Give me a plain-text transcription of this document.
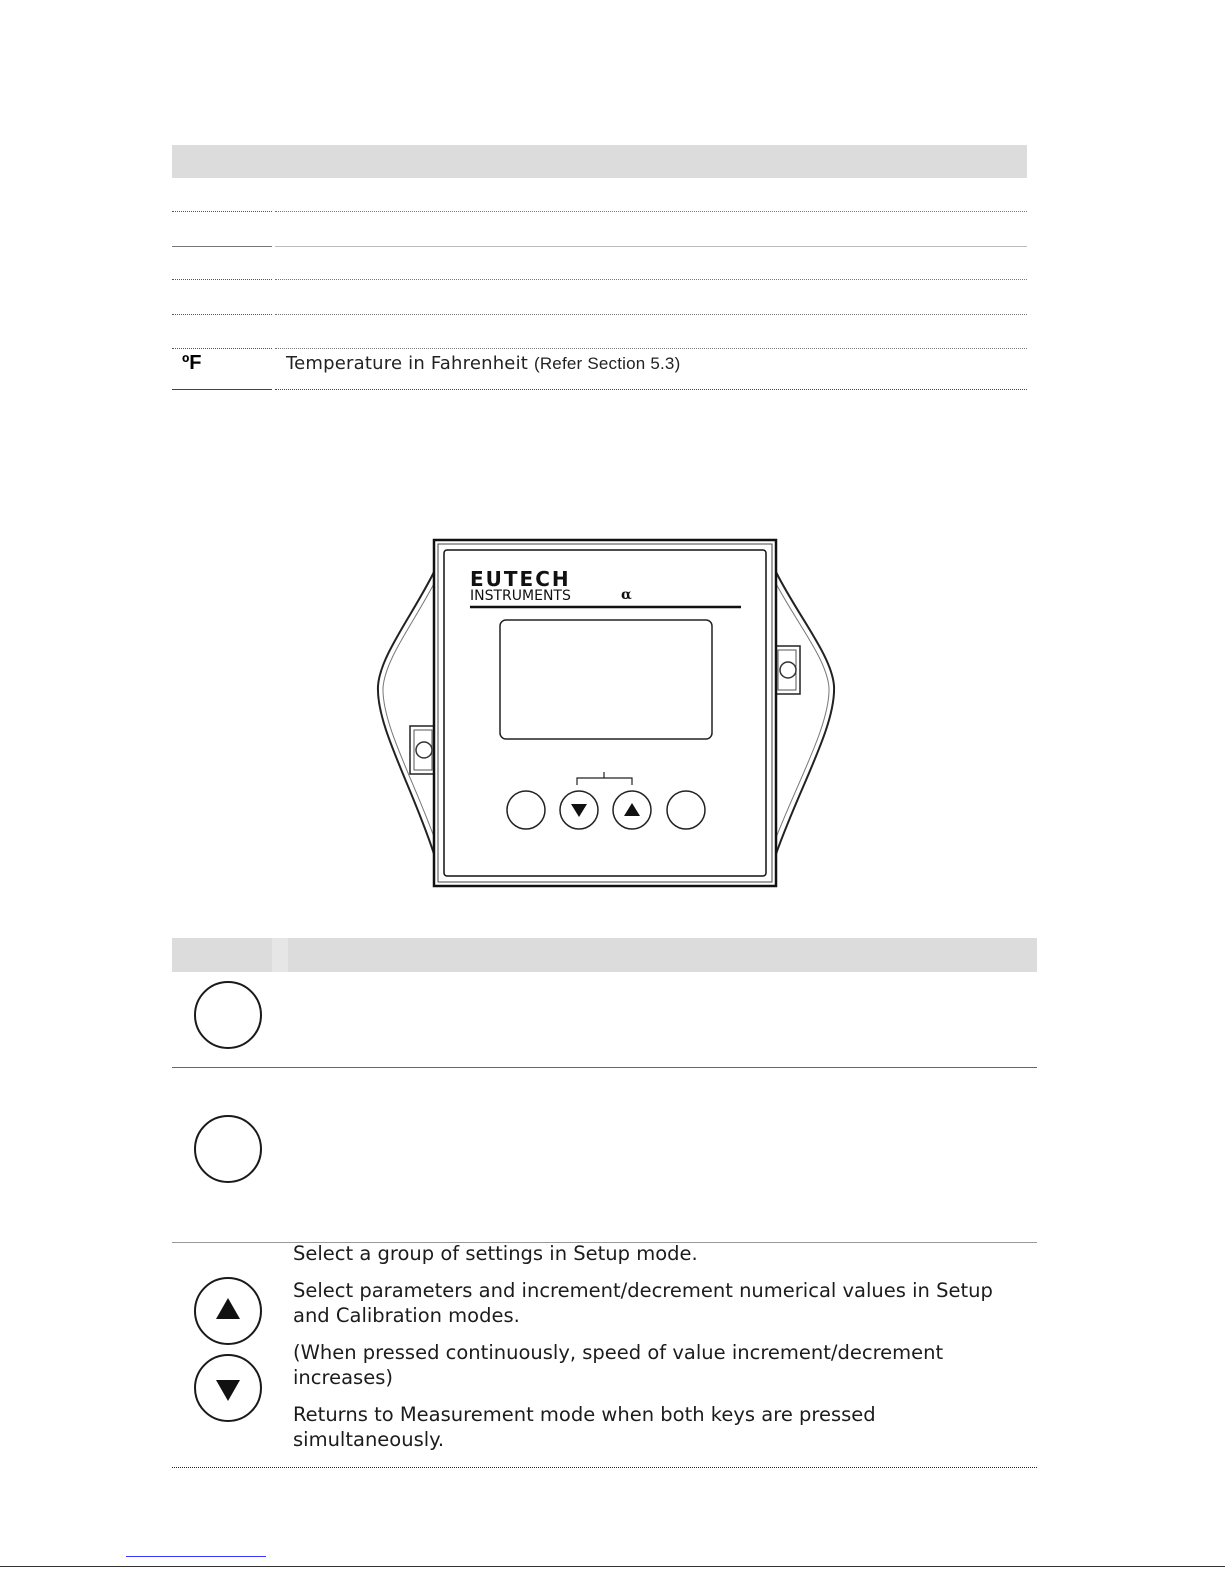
ºF	Temperature in Fahrenheit (Refer Section 5.3)
EUTECH
INSTRUMENTS	α

Select a group of settings in Setup mode.

Select parameters and increment/decrement numerical values in Setup and Calibration modes.

(When pressed continuously, speed of value increment/decrement increases)

Returns to Measurement mode when both keys are pressed simultaneously.
